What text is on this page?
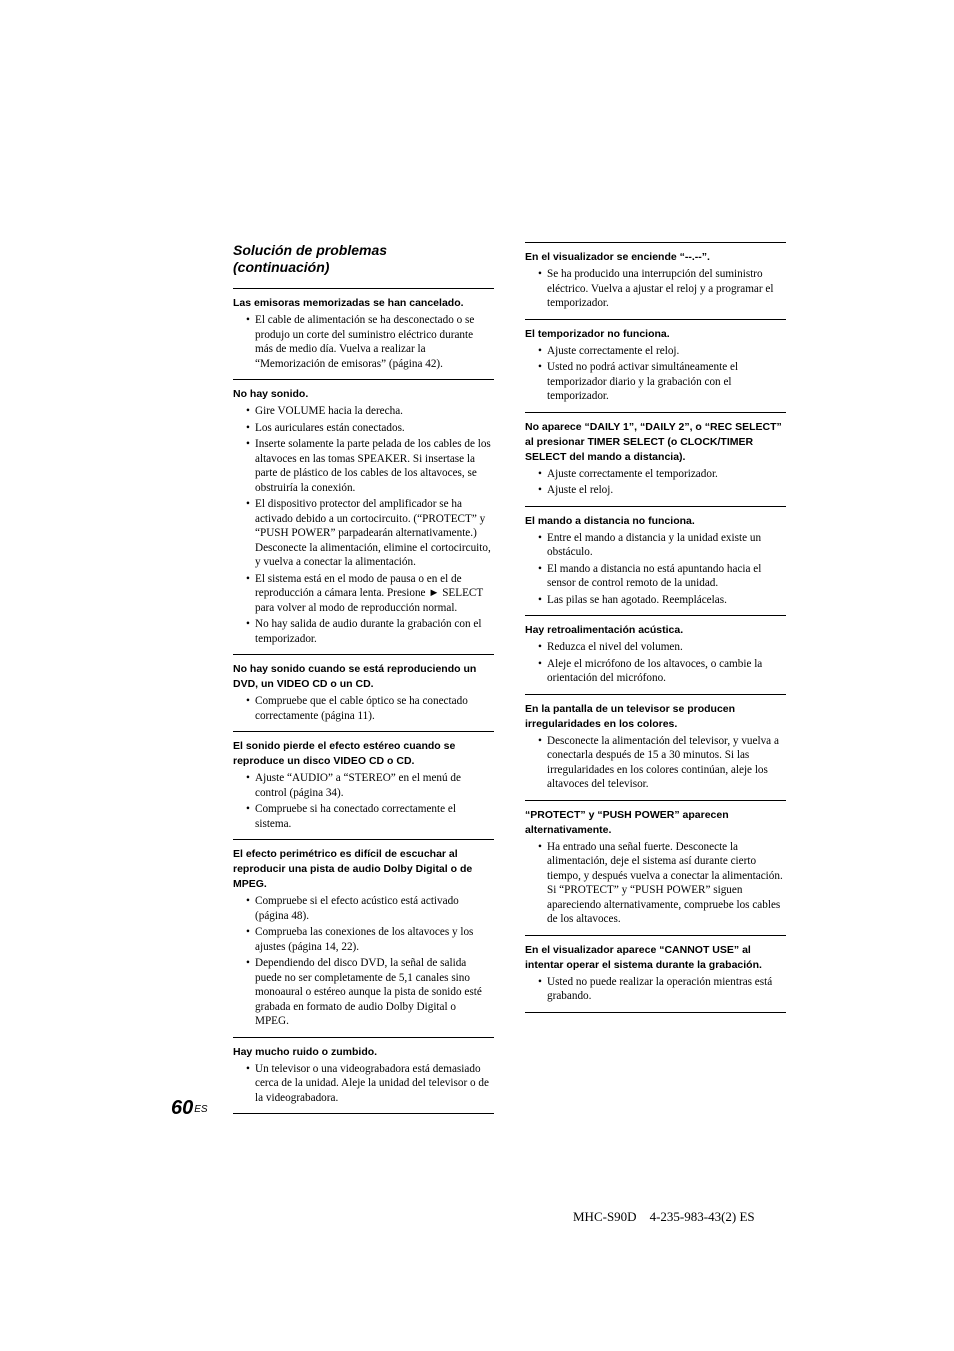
Solución de problemas
(continuación)
Las emisoras memorizadas se han cancelado.
• El cable de alimentación se ha desconectado o se produjo un corte del suministro eléctrico durante más de medio día. Vuelva a realizar la “Memorización de emisoras” (página 42).
No hay sonido.
• Gire VOLUME hacia la derecha.
• Los auriculares están conectados.
• Inserte solamente la parte pelada de los cables de los altavoces en las tomas SPEAKER. Si insertase la parte de plástico de los cables de los altavoces, se obstruiría la conexión.
• El dispositivo protector del amplificador se ha activado debido a un cortocircuito. (“PROTECT” y “PUSH POWER” parpadearán alternativamente.) Desconecte la alimentación, elimine el cortocircuito, y vuelva a conectar la alimentación.
• El sistema está en el modo de pausa o en el de reproducción a cámara lenta. Presione ► SELECT para volver al modo de reproducción normal.
• No hay salida de audio durante la grabación con el temporizador.
No hay sonido cuando se está reproduciendo un DVD, un VIDEO CD o un CD.
• Compruebe que el cable óptico se ha conectado correctamente (página 11).
El sonido pierde el efecto estéreo cuando se reproduce un disco VIDEO CD o CD.
• Ajuste “AUDIO” a “STEREO” en el menú de control (página 34).
• Compruebe si ha conectado correctamente el sistema.
El efecto perimétrico es difícil de escuchar al reproducir una pista de audio Dolby Digital o de MPEG.
• Compruebe si el efecto acústico está activado (página 48).
• Comprueba las conexiones de los altavoces y los ajustes (página 14, 22).
• Dependiendo del disco DVD, la señal de salida puede no ser completamente de 5,1 canales sino monoaural o estéreo aunque la pista de sonido esté grabada en formato de audio Dolby Digital o MPEG.
Hay mucho ruido o zumbido.
• Un televisor o una videograbadora está demasiado cerca de la unidad. Aleje la unidad del televisor o de la videograbadora.
En el visualizador se enciende “--.--”.
• Se ha producido una interrupción del suministro eléctrico. Vuelva a ajustar el reloj y a programar el temporizador.
El temporizador no funciona.
• Ajuste correctamente el reloj.
• Usted no podrá activar simultáneamente el temporizador diario y la grabación con el temporizador.
No aparece “DAILY 1”, “DAILY 2”, o “REC SELECT” al presionar TIMER SELECT (o CLOCK/TIMER SELECT del mando a distancia).
• Ajuste correctamente el temporizador.
• Ajuste el reloj.
El mando a distancia no funciona.
• Entre el mando a distancia y la unidad existe un obstáculo.
• El mando a distancia no está apuntando hacia el sensor de control remoto de la unidad.
• Las pilas se han agotado. Reemplácelas.
Hay retroalimentación acústica.
• Reduzca el nivel del volumen.
• Aleje el micrófono de los altavoces, o cambie la orientación del micrófono.
En la pantalla de un televisor se producen irregularidades en los colores.
• Desconecte la alimentación del televisor, y vuelva a conectarla después de 15 a 30 minutos. Si las irregularidades en los colores continúan, aleje los altavoces del televisor.
“PROTECT” y “PUSH POWER” aparecen alternativamente.
• Ha entrado una señal fuerte. Desconecte la alimentación, deje el sistema así durante cierto tiempo, y después vuelva a conectar la alimentación. Si “PROTECT” y “PUSH POWER” siguen apareciendo alternativamente, compruebe los cables de los altavoces.
En el visualizador aparece “CANNOT USE” al intentar operar el sistema durante la grabación.
• Usted no puede realizar la operación mientras está grabando.
$60^{ES}$
MHC-S90D 4-235-983-43(2) ES
